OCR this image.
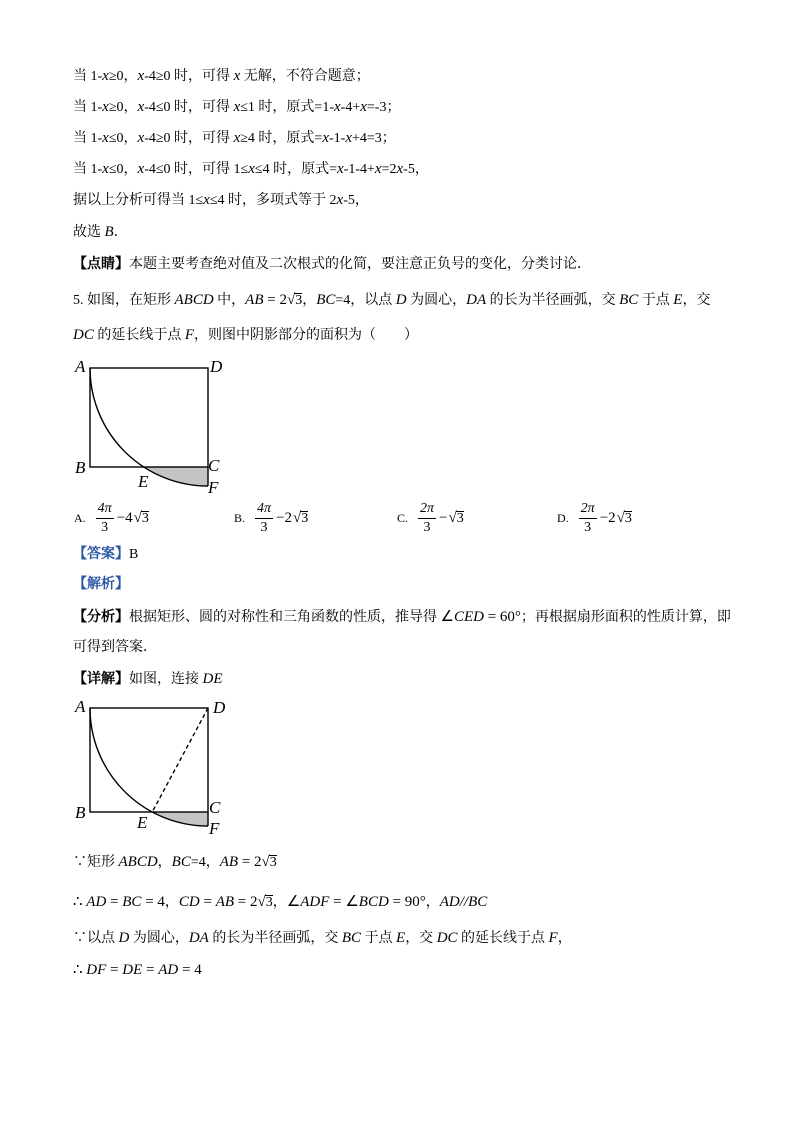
当 1-x≥0，x-4≥0 时，可得 x 无解，不符合题意；
当 1-x≥0，x-4≤0 时，可得 x≤1 时，原式=1-x-4+x=-3；
当 1-x≤0，x-4≥0 时，可得 x≥4 时，原式=x-1-x+4=3；
当 1-x≤0，x-4≤0 时，可得 1≤x≤4 时，原式=x-1-4+x=2x-5，
据以上分析可得当 1≤x≤4 时，多项式等于 2x-5，
故选 B．
【点睛】本题主要考查绝对值及二次根式的化简，要注意正负号的变化，分类讨论．
5. 如图，在矩形 ABCD 中，AB = 2√3，BC=4，以点 D 为圆心，DA 的长为半径画弧，交 BC 于点 E，交
DC 的延长线于点 F，则图中阴影部分的面积为（　　）
A	D
B	C
E	F
A. $\frac{4\pi}{3} -4$ √ 3	B. $\frac{4\pi}{3} -2$ √ 3	C. $\frac{2\pi}{3}$ − √ 3	D. $\frac{2\pi}{3} -2$ √ 3
【答案】B
【解析】
【分析】根据矩形、圆的对称性和三角函数的性质，推导得 ∠CED = 60°；再根据扇形面积的性质计算，即
可得到答案．
【详解】如图，连接 DE
A	D
B	C
E	F
∵矩形 ABCD，BC=4，AB = 2√3
∴ AD = BC = 4，CD = AB = 2√3，∠ADF = ∠BCD = 90°，AD//BC
∵以点 D 为圆心，DA 的长为半径画弧，交 BC 于点 E，交 DC 的延长线于点 F，
∴ DF = DE = AD = 4
